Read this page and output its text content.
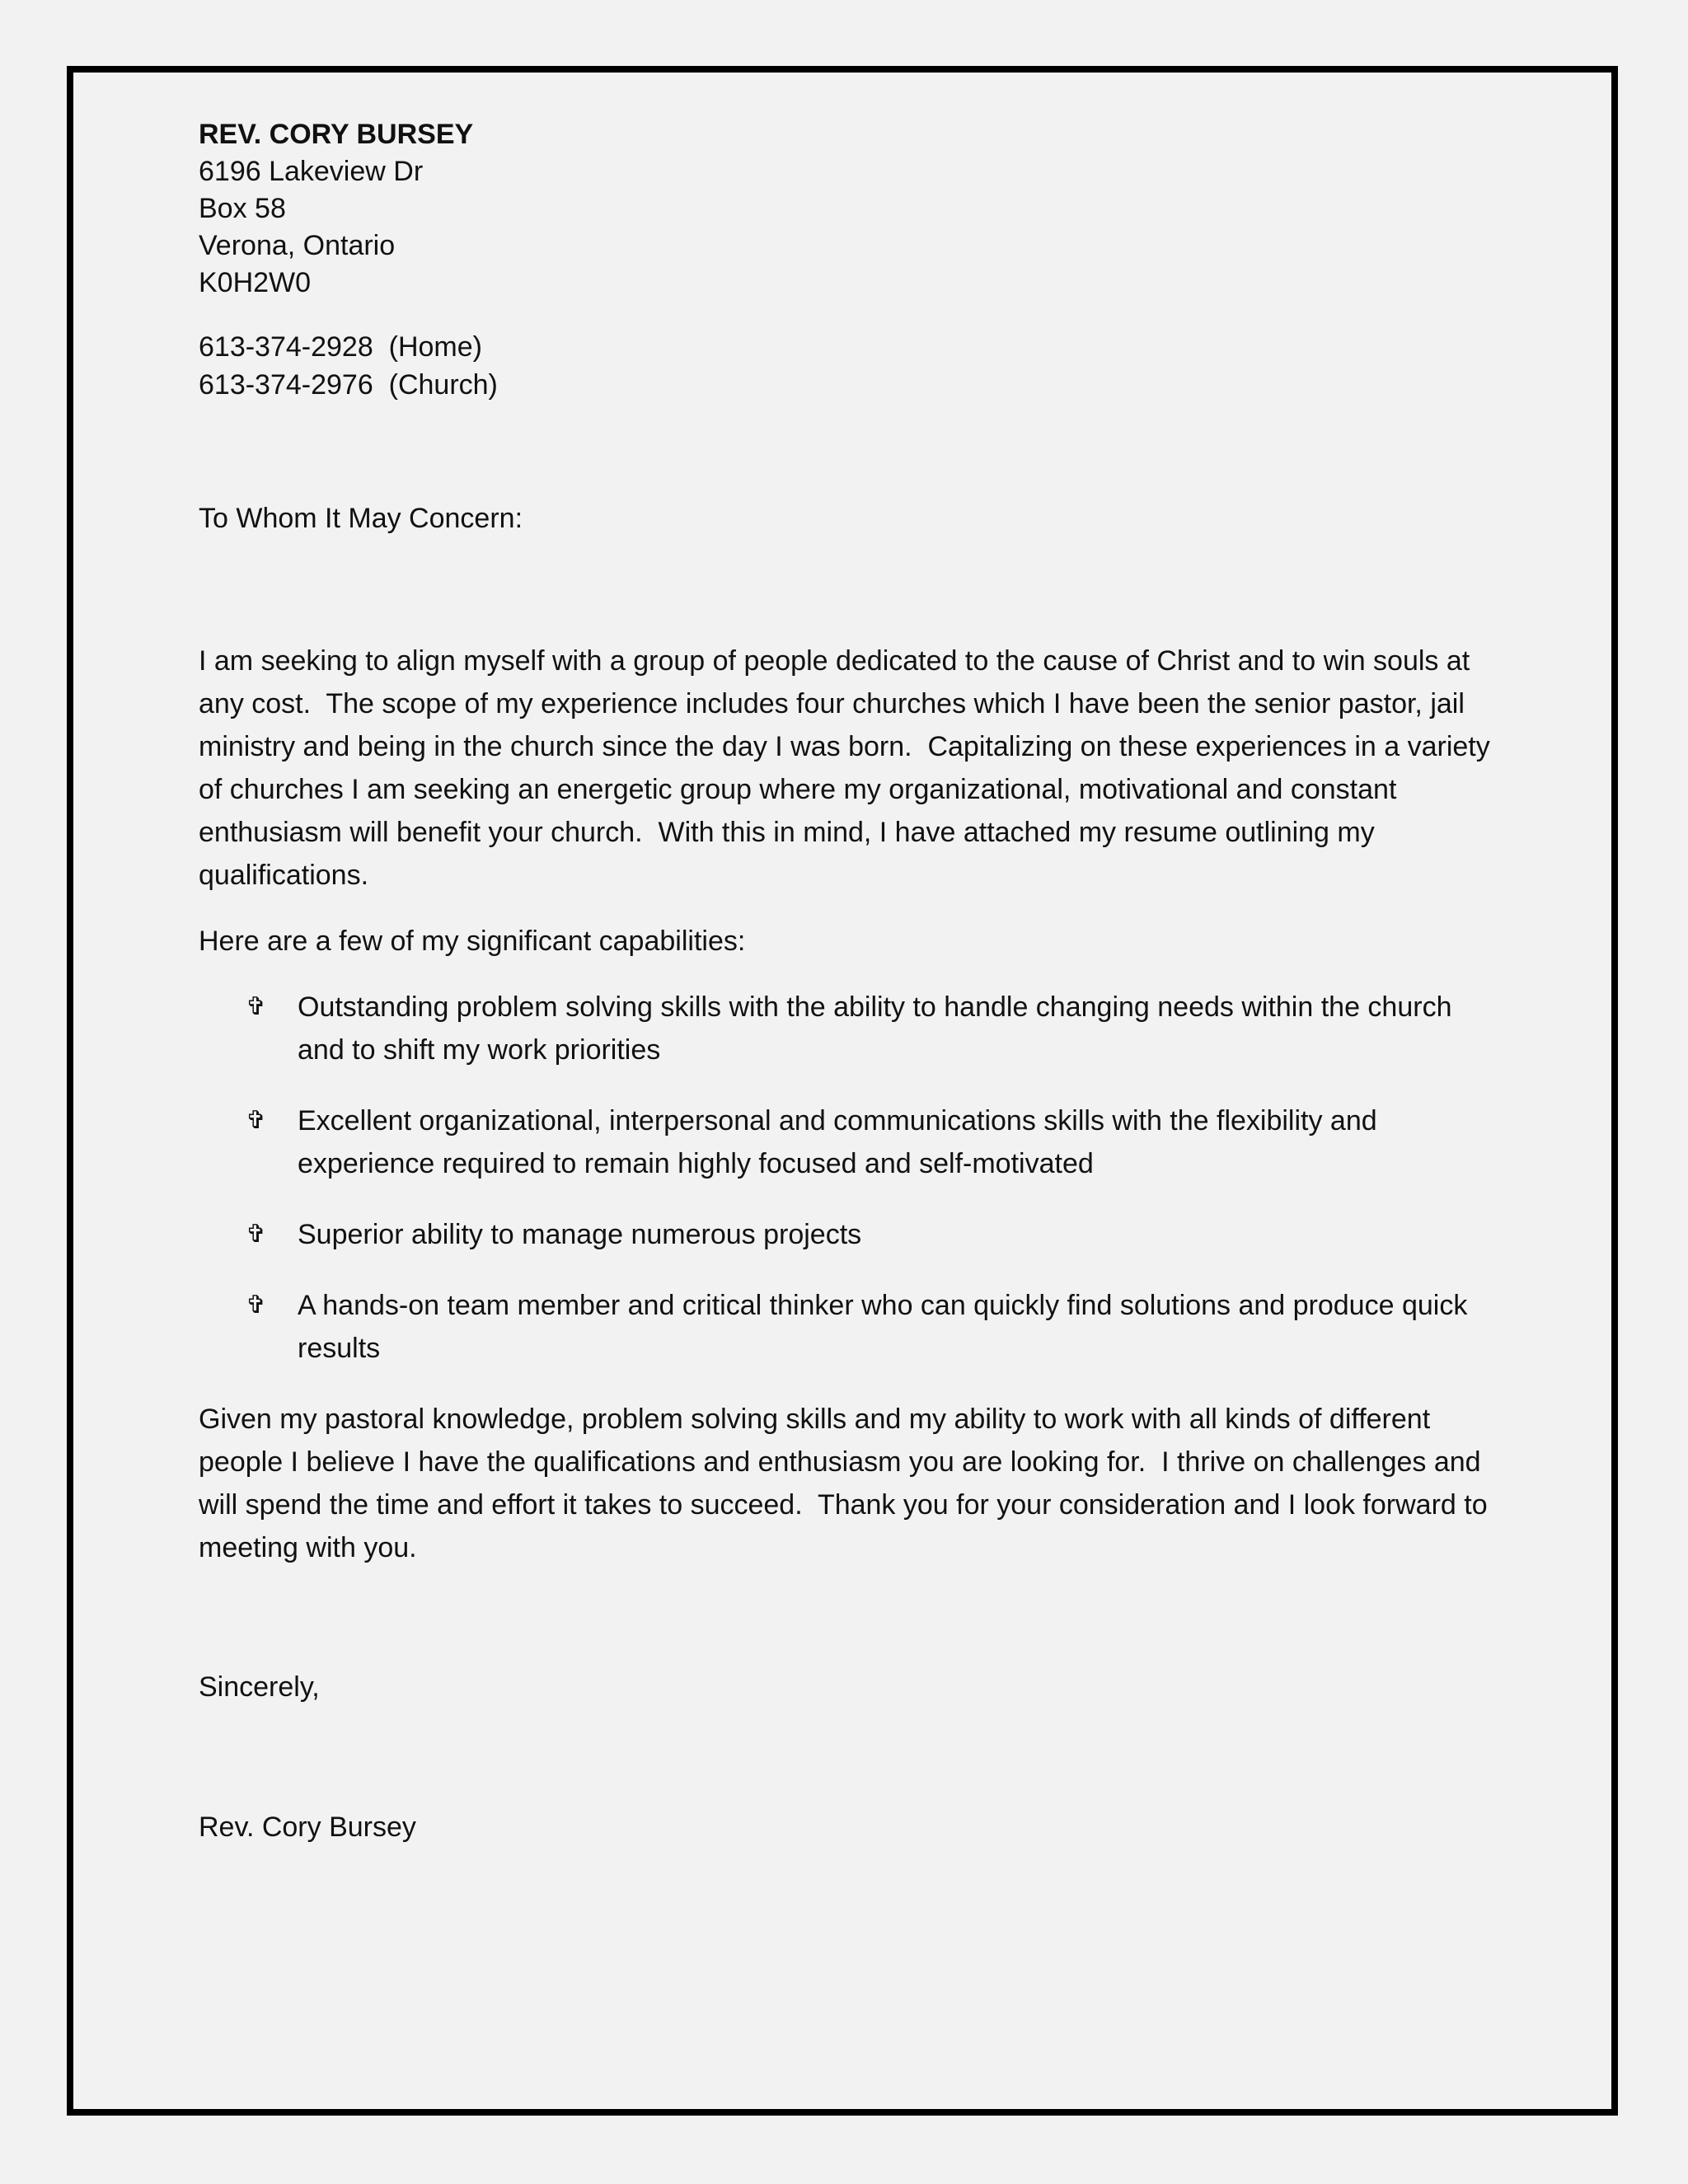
REV. CORY BURSEY
6196 Lakeview Dr
Box 58
Verona, Ontario
K0H2W0
613-374-2928  (Home)
613-374-2976  (Church)
To Whom It May Concern:
I am seeking to align myself with a group of people dedicated to the cause of Christ and to win souls at any cost.  The scope of my experience includes four churches which I have been the senior pastor, jail ministry and being in the church since the day I was born.  Capitalizing on these experiences in a variety of churches I am seeking an energetic group where my organizational, motivational and constant enthusiasm will benefit your church.  With this in mind, I have attached my resume outlining my qualifications.
Here are a few of my significant capabilities:
✞ Outstanding problem solving skills with the ability to handle changing needs within the church and to shift my work priorities
✞ Excellent organizational, interpersonal and communications skills with the flexibility and experience required to remain highly focused and self-motivated
✞ Superior ability to manage numerous projects
✞ A hands-on team member and critical thinker who can quickly find solutions and produce quick results
Given my pastoral knowledge, problem solving skills and my ability to work with all kinds of different people I believe I have the qualifications and enthusiasm you are looking for.  I thrive on challenges and will spend the time and effort it takes to succeed.  Thank you for your consideration and I look forward to meeting with you.
Sincerely,
Rev. Cory Bursey
